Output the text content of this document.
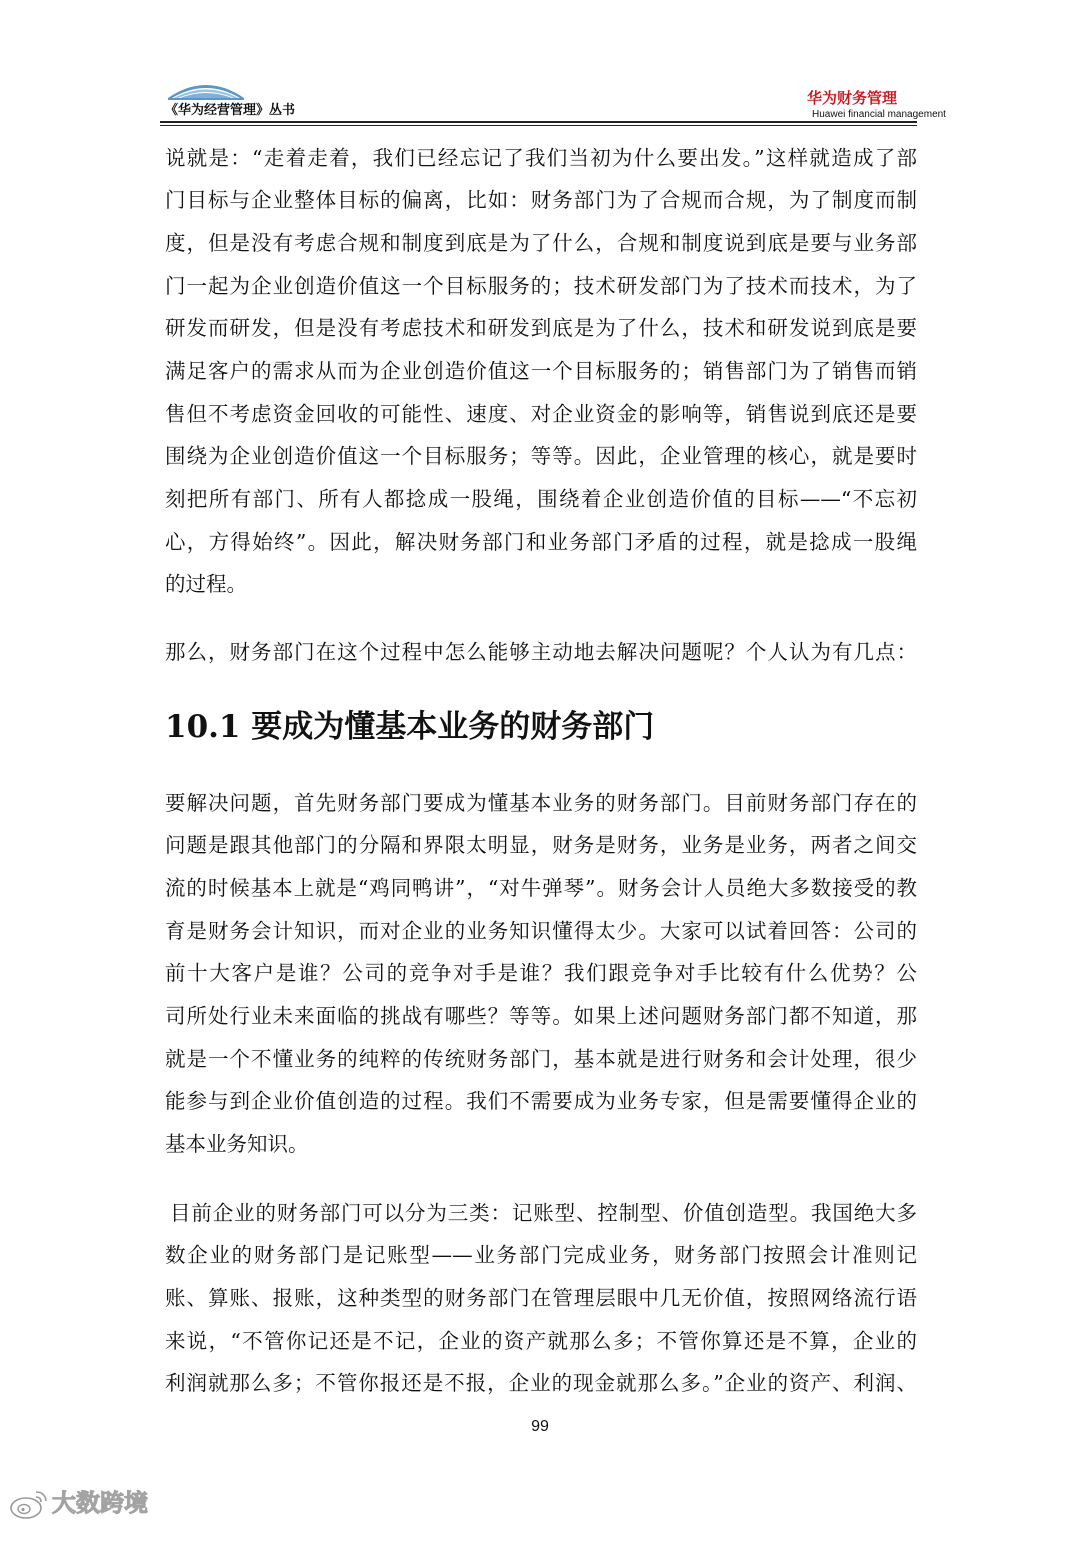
《华为经营管理》丛书
华为财务管理
Huawei financial management
说就是：“走着走着，我们已经忘记了我们当初为什么要出发。”这样就造成了部
门目标与企业整体目标的偏离，比如：财务部门为了合规而合规，为了制度而制
度，但是没有考虑合规和制度到底是为了什么，合规和制度说到底是要与业务部
门一起为企业创造价值这一个目标服务的；技术研发部门为了技术而技术，为了
研发而研发，但是没有考虑技术和研发到底是为了什么，技术和研发说到底是要
满足客户的需求从而为企业创造价值这一个目标服务的；销售部门为了销售而销
售但不考虑资金回收的可能性、速度、对企业资金的影响等，销售说到底还是要
围绕为企业创造价值这一个目标服务；等等。因此，企业管理的核心，就是要时
刻把所有部门、所有人都捻成一股绳，围绕着企业创造价值的目标——“不忘初
心，方得始终”。因此，解决财务部门和业务部门矛盾的过程，就是捻成一股绳
的过程。
那么，财务部门在这个过程中怎么能够主动地去解决问题呢？个人认为有几点：
10.1 要成为懂基本业务的财务部门
要解决问题，首先财务部门要成为懂基本业务的财务部门。目前财务部门存在的
问题是跟其他部门的分隔和界限太明显，财务是财务，业务是业务，两者之间交
流的时候基本上就是“鸡同鸭讲”，“对牛弹琴”。财务会计人员绝大多数接受的教
育是财务会计知识，而对企业的业务知识懂得太少。大家可以试着回答：公司的
前十大客户是谁？公司的竞争对手是谁？我们跟竞争对手比较有什么优势？公
司所处行业未来面临的挑战有哪些？等等。如果上述问题财务部门都不知道，那
就是一个不懂业务的纯粹的传统财务部门，基本就是进行财务和会计处理，很少
能参与到企业价值创造的过程。我们不需要成为业务专家，但是需要懂得企业的
基本业务知识。
目前企业的财务部门可以分为三类：记账型、控制型、价值创造型。我国绝大多
数企业的财务部门是记账型——业务部门完成业务，财务部门按照会计准则记
账、算账、报账，这种类型的财务部门在管理层眼中几无价值，按照网络流行语
来说，“不管你记还是不记，企业的资产就那么多；不管你算还是不算，企业的
利润就那么多；不管你报还是不报，企业的现金就那么多。”企业的资产、利润、
99
大数跨境
